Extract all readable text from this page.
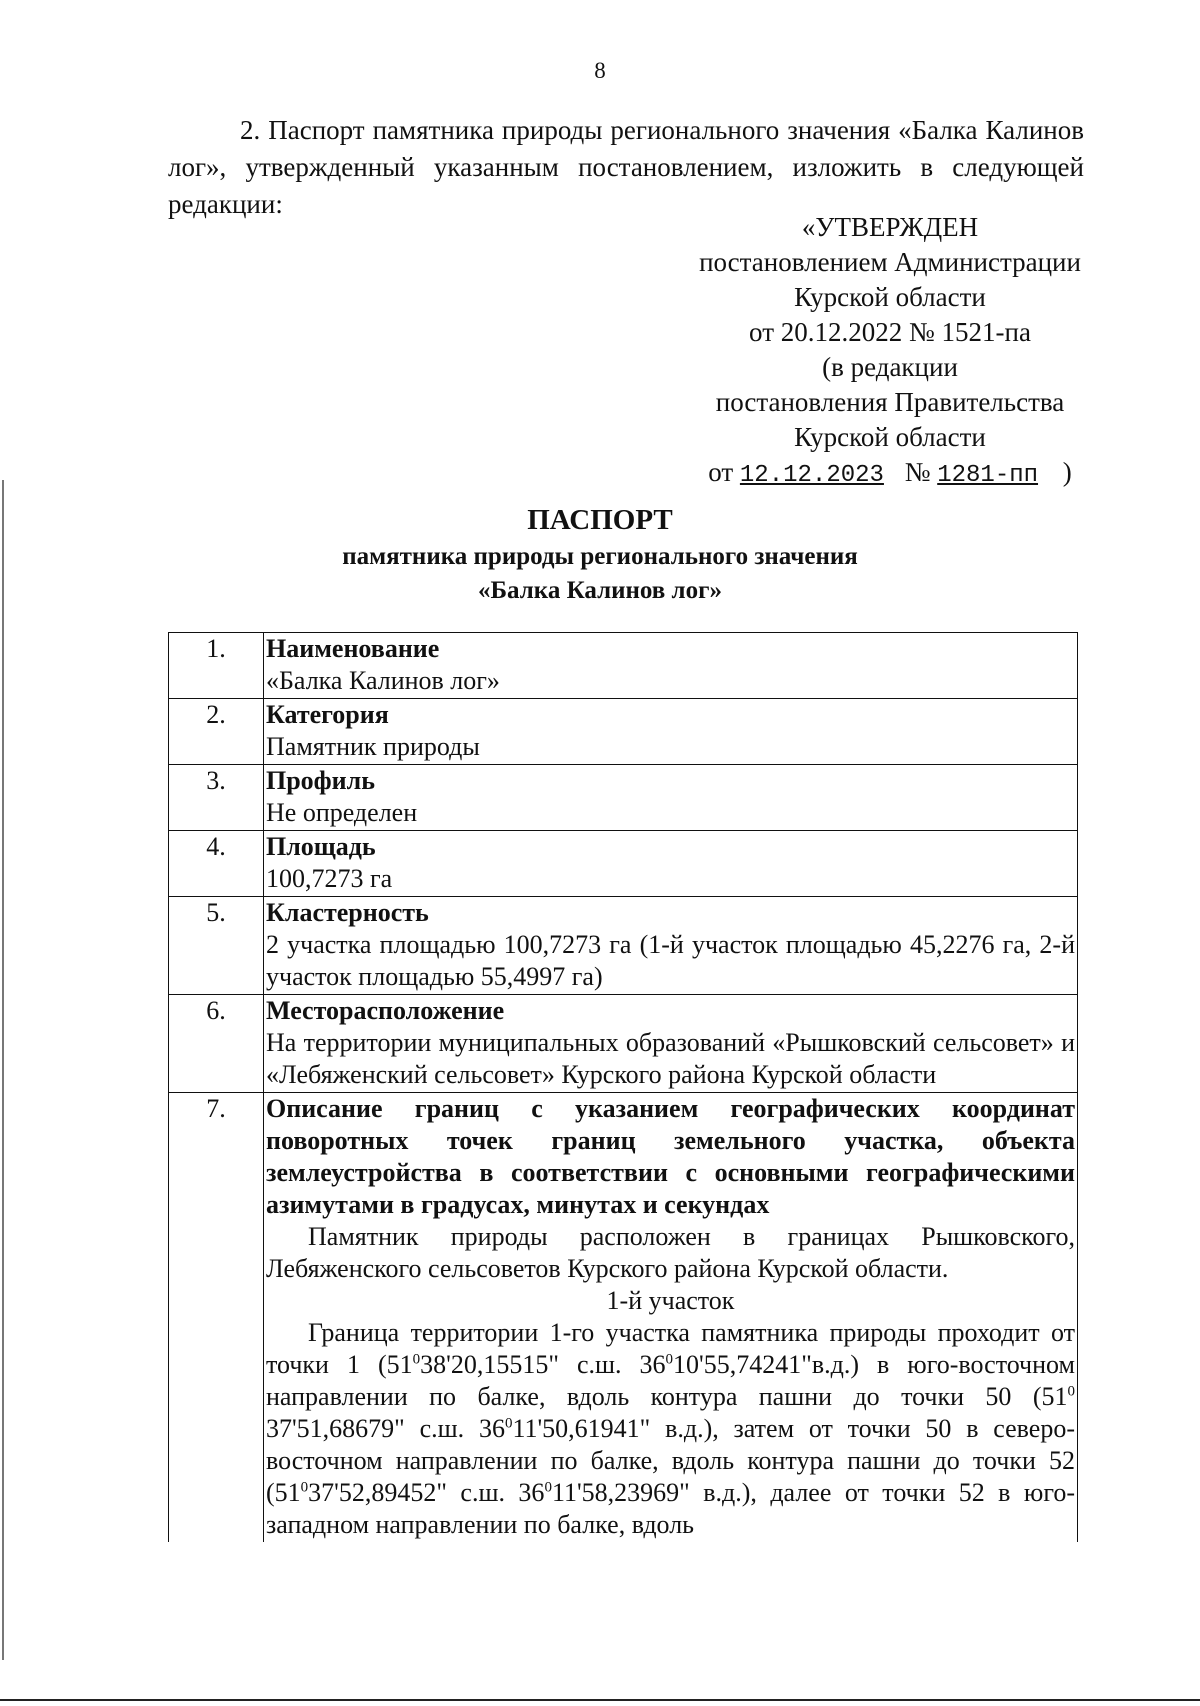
8
2. Паспорт памятника природы регионального значения «Балка Калинов лог», утвержденный указанным постановлением, изложить в следующей редакции:
«УТВЕРЖДЕН
постановлением Администрации
Курской области
от 20.12.2022 № 1521-па
(в редакции
постановления Правительства
Курской области
от 12.12.2023 № 1281-пп )
ПАСПОРТ
памятника природы регионального значения
«Балка Калинов лог»
1.	Наименование
«Балка Калинов лог»

2.	Категория
Памятник природы

3.	Профиль
Не определен

4.	Площадь
100,7273 га

5.	Кластерность
2 участка площадью 100,7273 га (1-й участок площадью 45,2276 га, 2-й участок площадью 55,4997 га)

6.	Месторасположение
На территории муниципальных образований «Рышковский сельсовет» и «Лебяженский сельсовет» Курского района Курской области

7.	Описание границ с указанием географических координат поворотных точек границ земельного участка, объекта землеустройства в соответствии с основными географическими азимутами в градусах, минутах и секундах
Памятник природы расположен в границах Рышковского, Лебяженского сельсоветов Курского района Курской области.
1-й участок
Граница территории 1-го участка памятника природы проходит от точки 1 ($51^038'20,15515$" с.ш. $36^010'55,74241"в.д$.) в юго-восточном направлении по балке, вдоль контура пашни до точки 50 ($51^0$ 37'51,68679" с.ш. $36^011'50,61941$" в.д.), затем от точки 50 в северо-восточном направлении по балке, вдоль контура пашни до точки 52 ($51^037'52,89452$" с.ш. $36^011'58,23969$" в.д.), далее от точки 52 в юго-западном направлении по балке, вдоль
